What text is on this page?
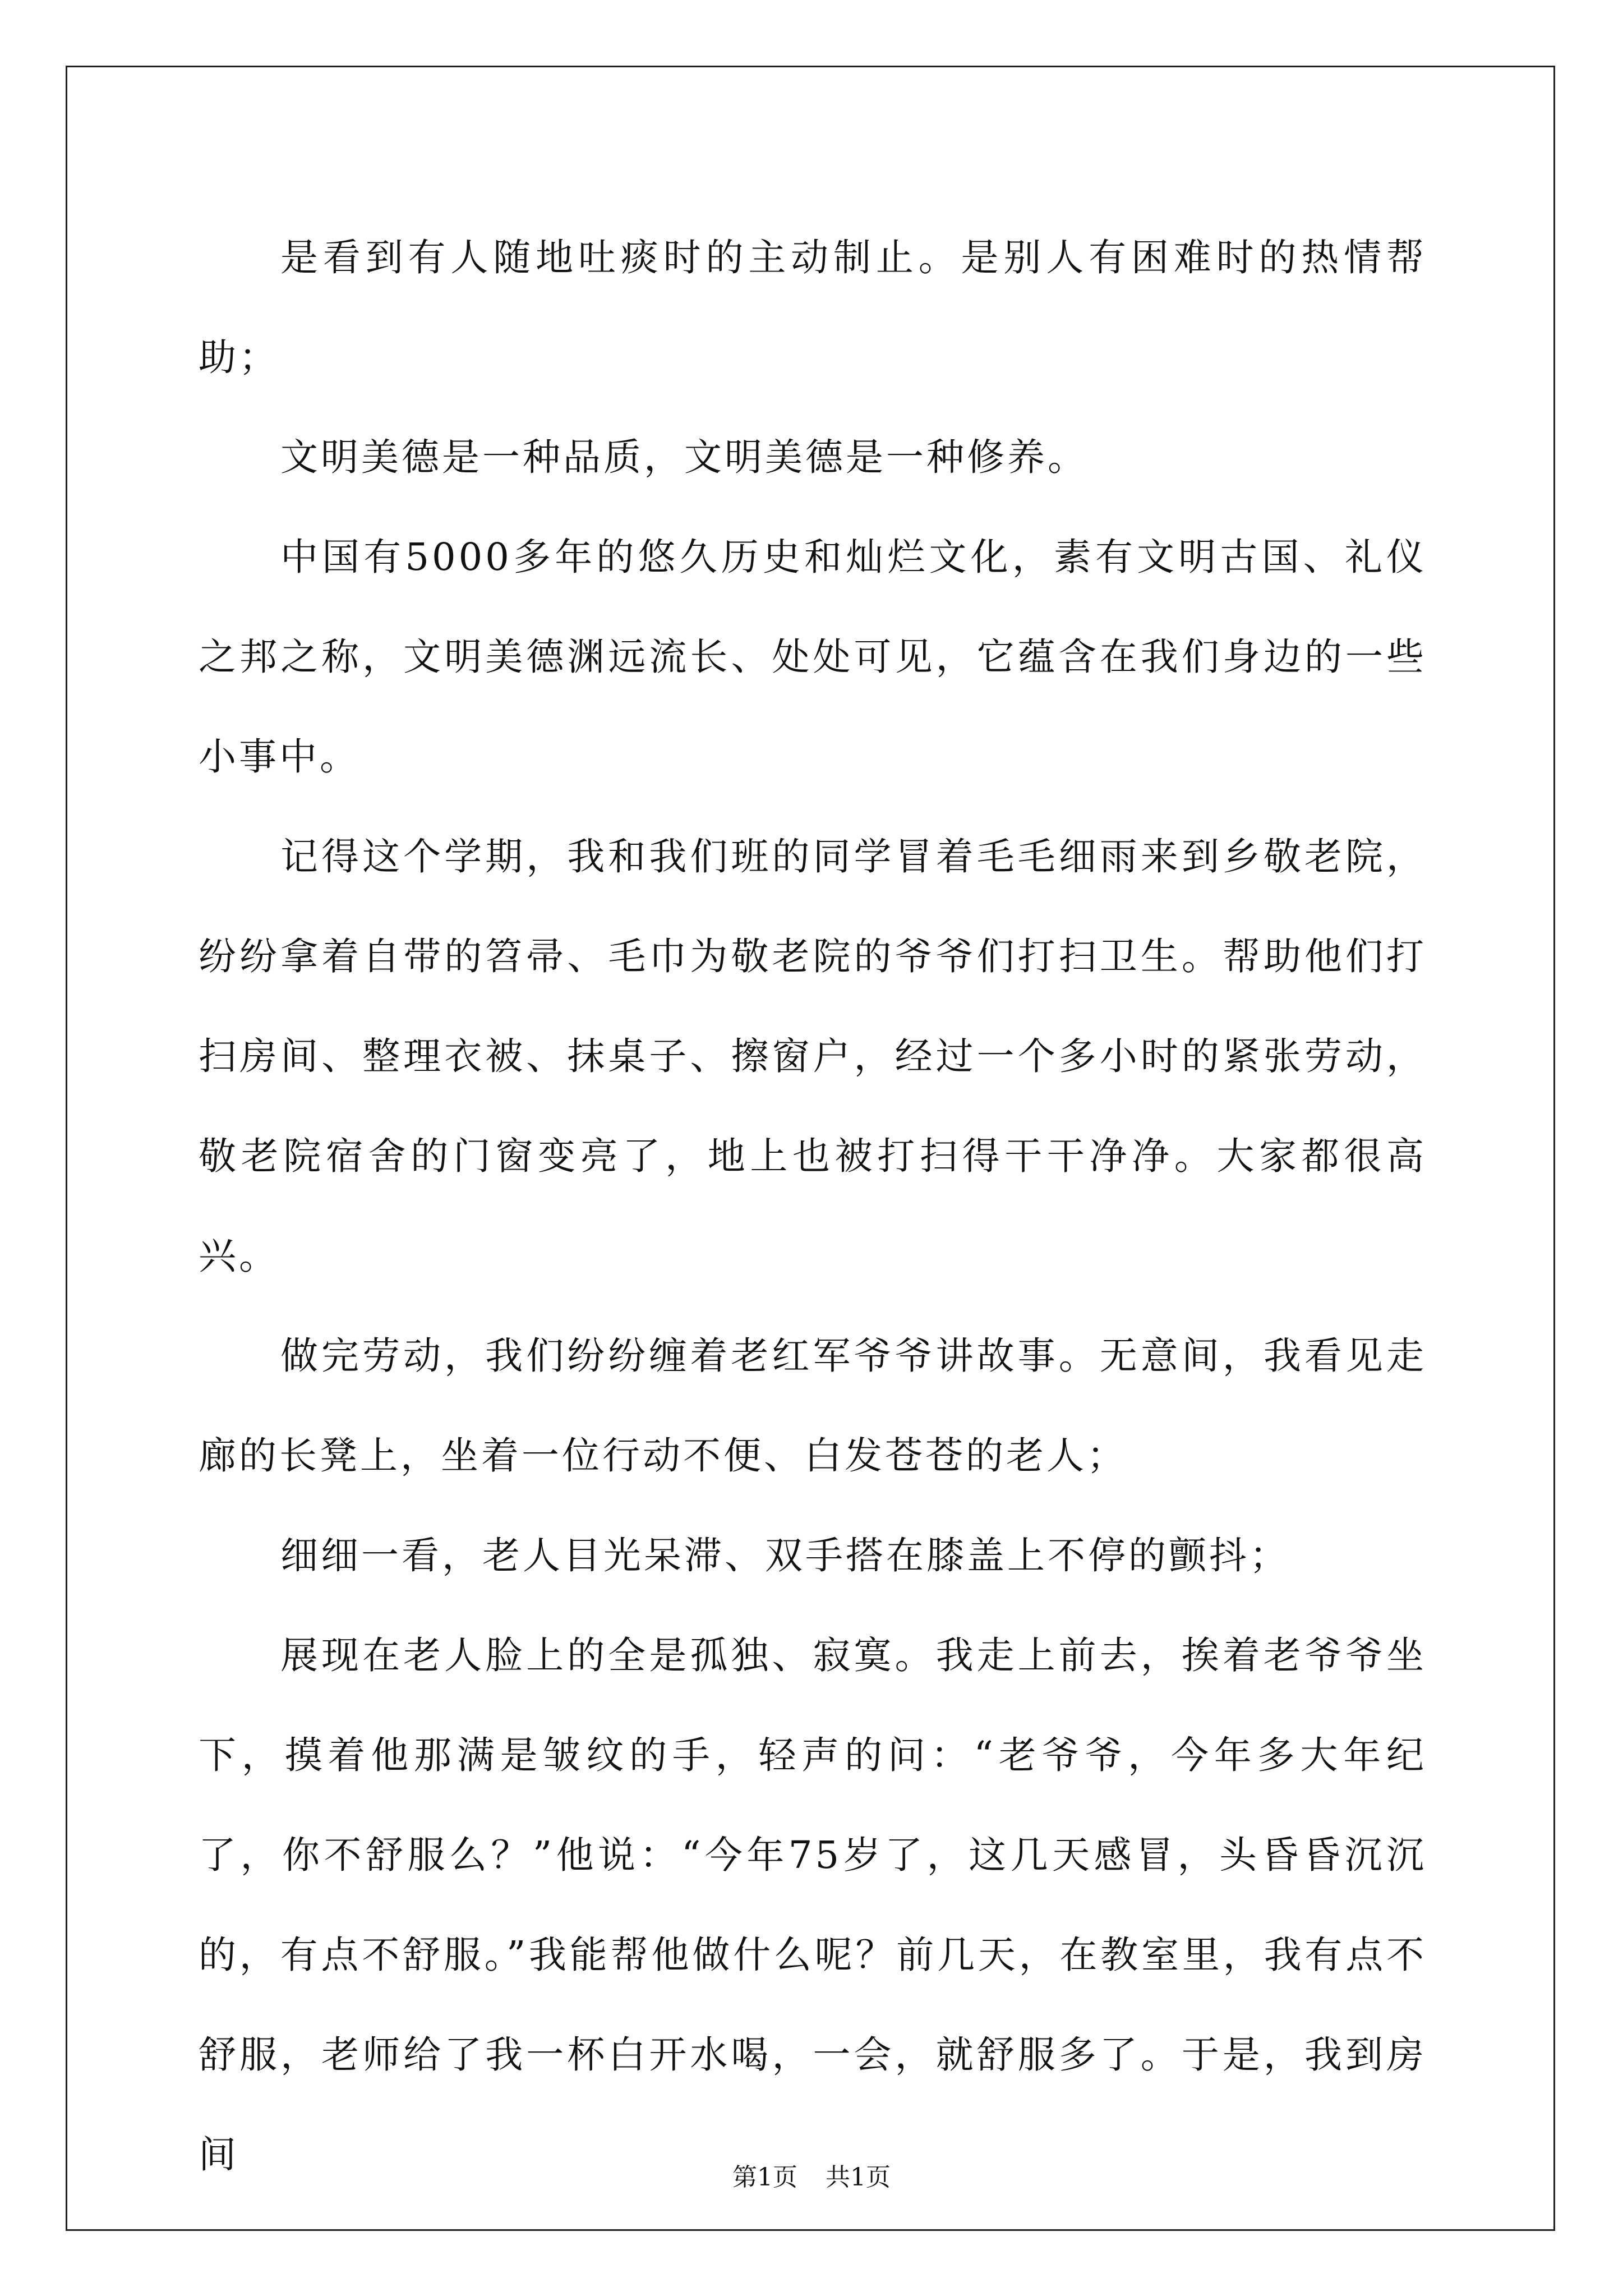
是看到有人随地吐痰时的主动制止。是别人有困难时的热情帮助；

文明美德是一种品质，文明美德是一种修养。

中国有5000多年的悠久历史和灿烂文化，素有文明古国、礼仪之邦之称，文明美德渊远流长、处处可见，它蕴含在我们身边的一些小事中。

记得这个学期，我和我们班的同学冒着毛毛细雨来到乡敬老院，纷纷拿着自带的笤帚、毛巾为敬老院的爷爷们打扫卫生。帮助他们打扫房间、整理衣被、抹桌子、擦窗户，经过一个多小时的紧张劳动，敬老院宿舍的门窗变亮了，地上也被打扫得干干净净。大家都很高兴。

做完劳动，我们纷纷缠着老红军爷爷讲故事。无意间，我看见走廊的长凳上，坐着一位行动不便、白发苍苍的老人；

细细一看，老人目光呆滞、双手搭在膝盖上不停的颤抖；

展现在老人脸上的全是孤独、寂寞。我走上前去，挨着老爷爷坐下，摸着他那满是皱纹的手，轻声的问：“老爷爷，今年多大年纪了，你不舒服么？”他说：“今年75岁了，这几天感冒，头昏昏沉沉的，有点不舒服。”我能帮他做什么呢？前几天，在教室里，我有点不舒服，老师给了我一杯白开水喝，一会，就舒服多了。于是，我到房间

第1页 共1页
